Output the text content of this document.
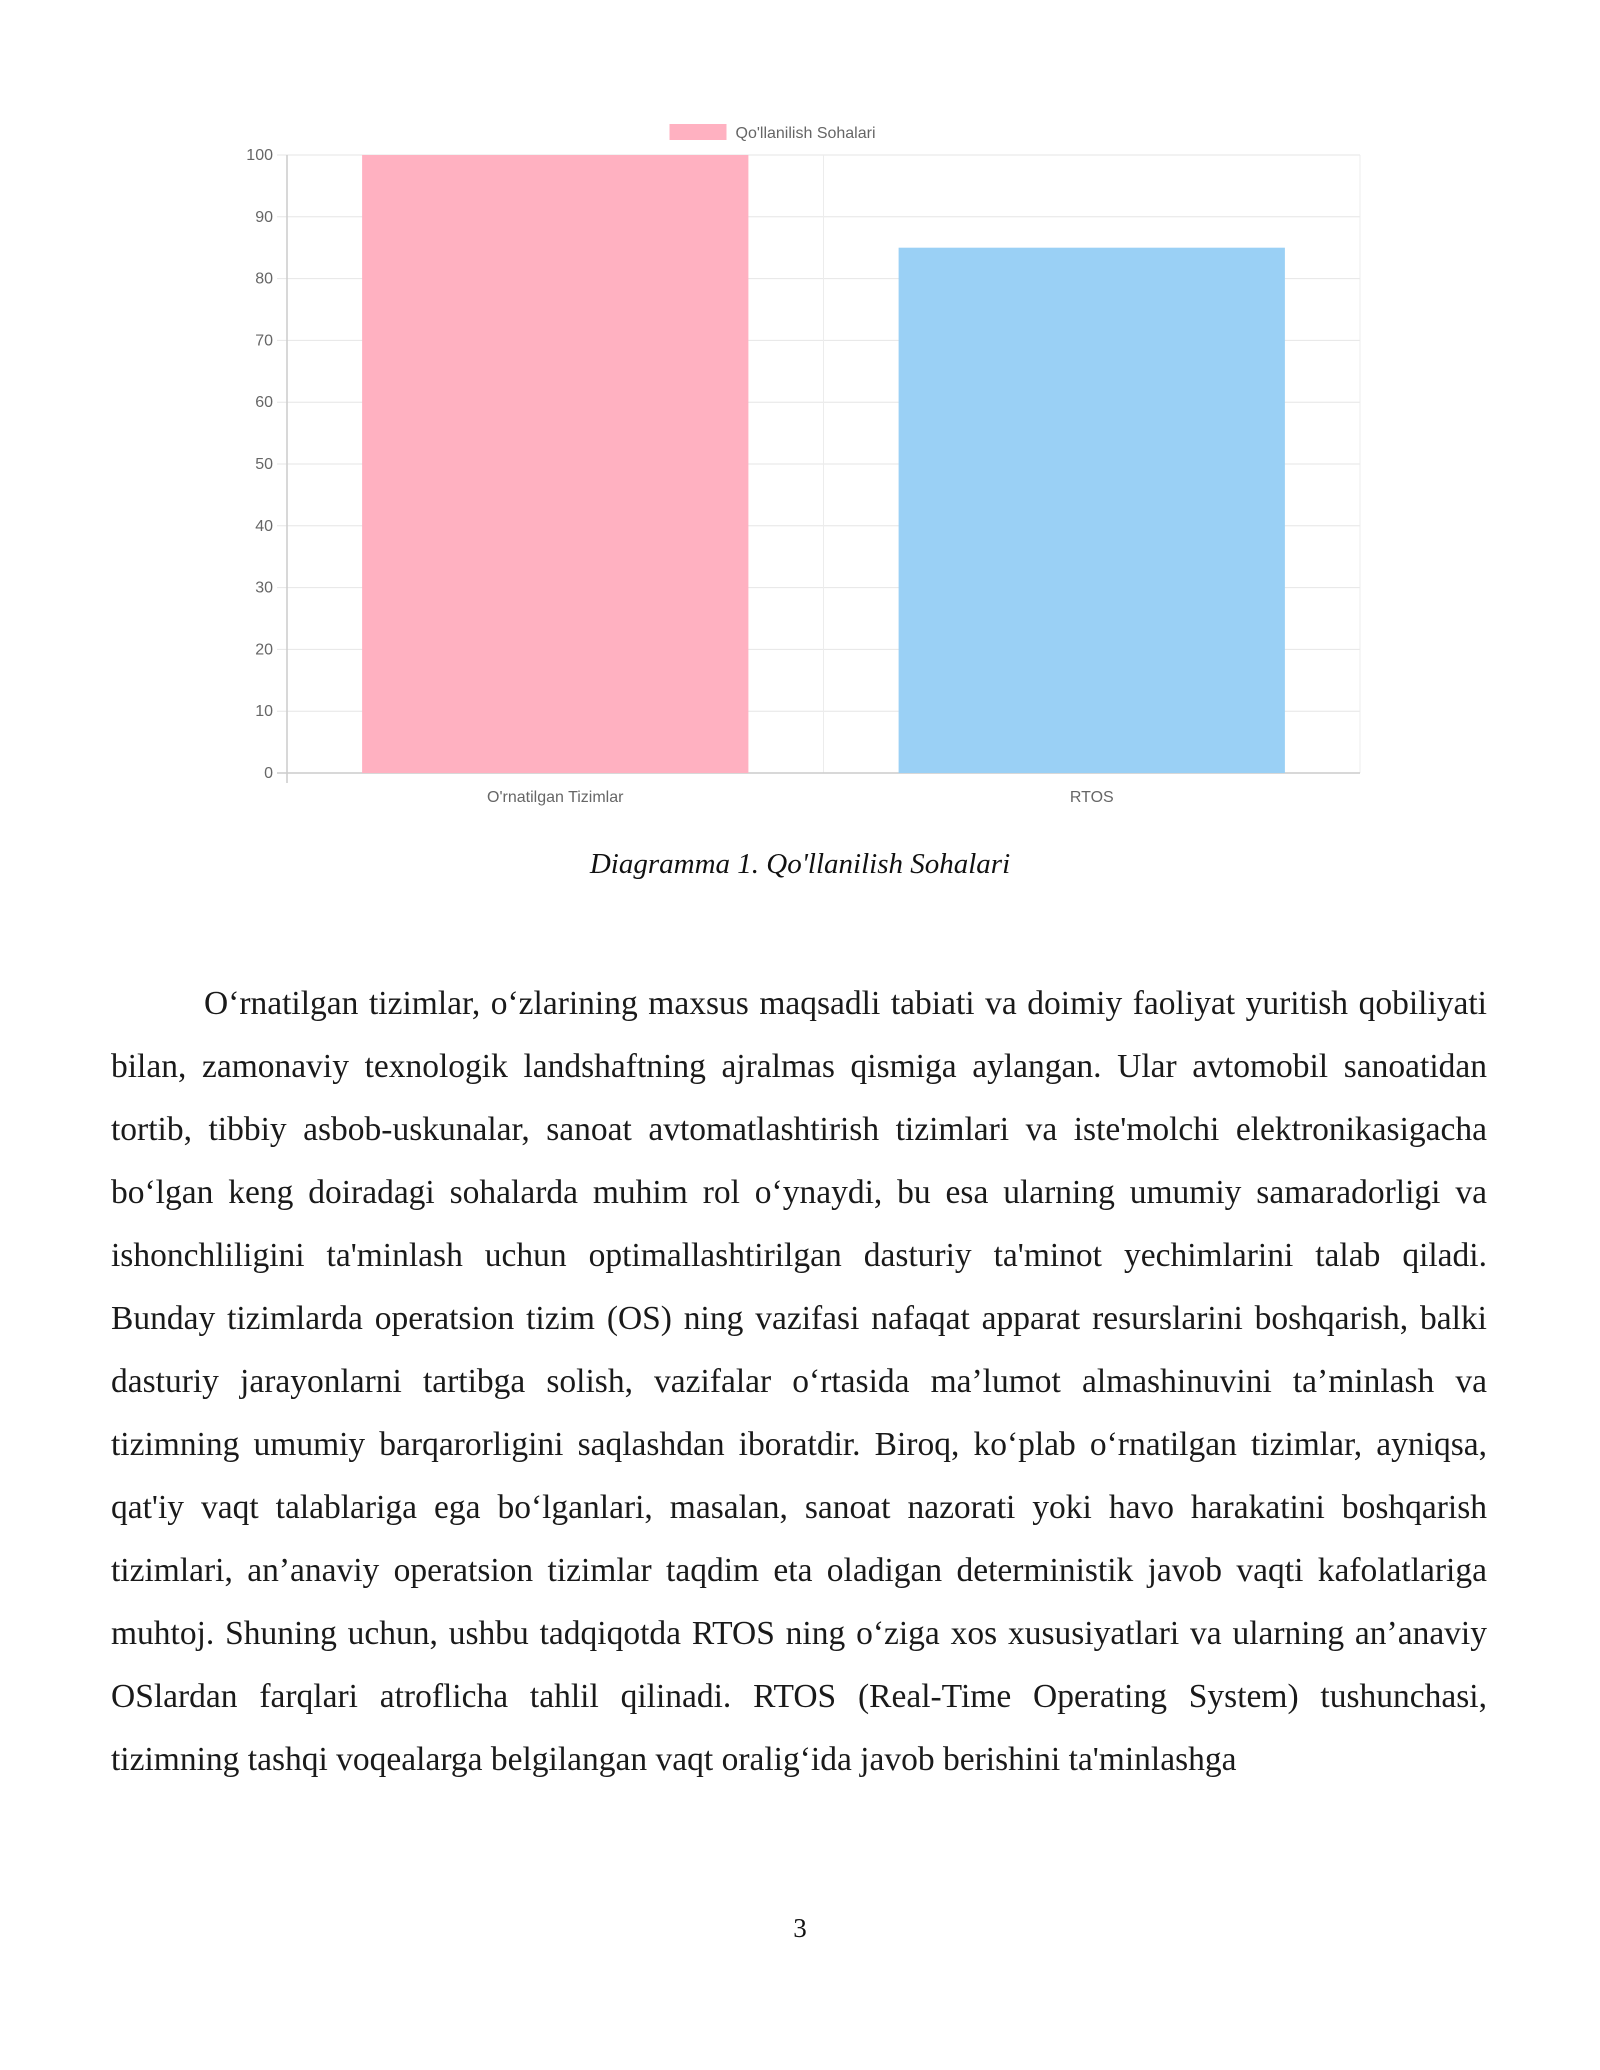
0
10
20
30
40
50
60
70
80
90
100
O'rnatilgan Tizimlar	RTOS
Qo'llanilish Sohalari
Diagramma 1. Qo'llanilish Sohalari

O‘rnatilgan tizimlar, o‘zlarining maxsus maqsadli tabiati va doimiy faoliyat yuritish qobiliyati bilan, zamonaviy texnologik landshaftning ajralmas qismiga aylangan. Ular avtomobil sanoatidan tortib, tibbiy asbob-uskunalar, sanoat avtomatlashtirish tizimlari va iste'molchi elektronikasigacha bo‘lgan keng doiradagi sohalarda muhim rol o‘ynaydi, bu esa ularning umumiy samaradorligi va ishonchliligini ta'minlash uchun optimallashtirilgan dasturiy ta'minot yechimlarini talab qiladi. Bunday tizimlarda operatsion tizim (OS) ning vazifasi nafaqat apparat resurslarini boshqarish, balki dasturiy jarayonlarni tartibga solish, vazifalar o‘rtasida ma’lumot almashinuvini ta’minlash va tizimning umumiy barqarorligini saqlashdan iboratdir. Biroq, ko‘plab o‘rnatilgan tizimlar, ayniqsa, qat'iy vaqt talablariga ega bo‘lganlari, masalan, sanoat nazorati yoki havo harakatini boshqarish tizimlari, an’anaviy operatsion tizimlar taqdim eta oladigan deterministik javob vaqti kafolatlariga muhtoj. Shuning uchun, ushbu tadqiqotda RTOS ning o‘ziga xos xususiyatlari va ularning an’anaviy OSlardan farqlari atroflicha tahlil qilinadi. RTOS (Real-Time Operating System) tushunchasi, tizimning tashqi voqealarga belgilangan vaqt oralig‘ida javob berishini ta'minlashga

3
